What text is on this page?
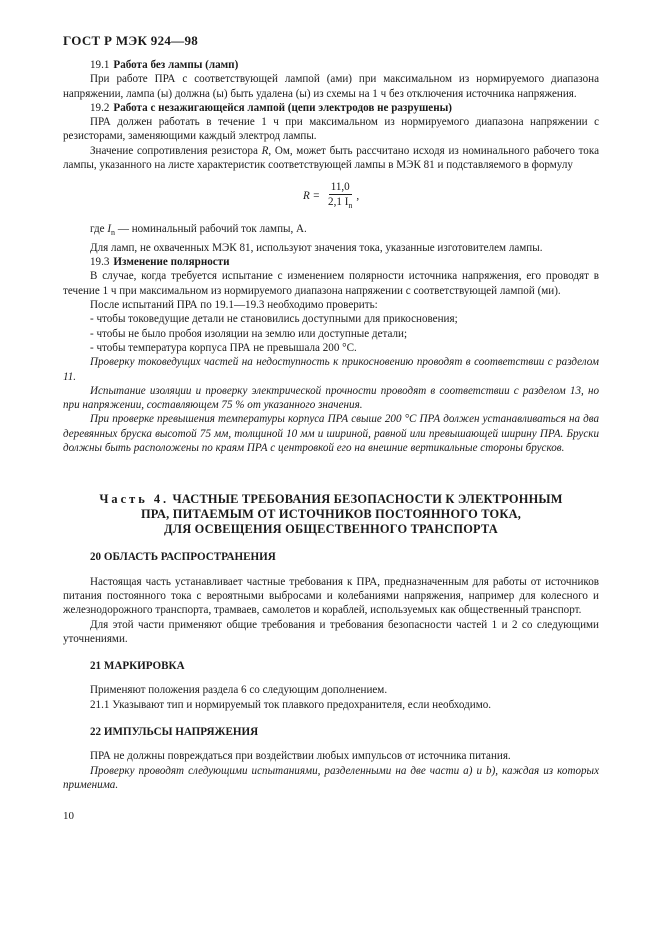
ГОСТ Р МЭК 924—98

19.1 Работа без лампы (ламп)

При работе ПРА с соответствующей лампой (ами) при максимальном из нормируемого диапазона напряжении, лампа (ы) должна (ы) быть удалена (ы) из схемы на 1 ч без отключения источника напряжения.

19.2 Работа с незажигающейся лампой (цепи электродов не разрушены)

ПРА должен работать в течение 1 ч при максимальном из нормируемого диапазона напряжении с резисторами, заменяющими каждый электрод лампы.

Значение сопротивления резистора R, Ом, может быть рассчитано исходя из номинального рабочего тока лампы, указанного на листе характеристик соответствующей лампы в МЭК 81 и подставляемого в формулу

$R = \frac{11,0}{2,1 I_n}$ ,

где $I_n$ — номинальный рабочий ток лампы, А.

Для ламп, не охваченных МЭК 81, используют значения тока, указанные изготовителем лампы.

19.3 Изменение полярности

В случае, когда требуется испытание с изменением полярности источника напряжения, его проводят в течение 1 ч при максимальном из нормируемого диапазона напряжении с соответствующей лампой (ми).

После испытаний ПРА по 19.1—19.3 необходимо проверить:

- чтобы токоведущие детали не становились доступными для прикосновения;

- чтобы не было пробоя изоляции на землю или доступные детали;

- чтобы температура корпуса ПРА не превышала 200 °С.

Проверку токоведущих частей на недоступность к прикосновению проводят в соответствии с разделом 11.

Испытание изоляции и проверку электрической прочности проводят в соответствии с разделом 13, но при напряжении, составляющем 75 % от указанного значения.

При проверке превышения температуры корпуса ПРА свыше 200 °С ПРА должен устанавливаться на два деревянных бруска высотой 75 мм, толщиной 10 мм и шириной, равной или превышающей ширину ПРА. Бруски должны быть расположены по краям ПРА с центровкой его на внешние вертикальные стороны брусков.

Часть 4. ЧАСТНЫЕ ТРЕБОВАНИЯ БЕЗОПАСНОСТИ К ЭЛЕКТРОННЫМ
ПРА, ПИТАЕМЫМ ОТ ИСТОЧНИКОВ ПОСТОЯННОГО ТОКА,
ДЛЯ ОСВЕЩЕНИЯ ОБЩЕСТВЕННОГО ТРАНСПОРТА

20 ОБЛАСТЬ РАСПРОСТРАНЕНИЯ

Настоящая часть устанавливает частные требования к ПРА, предназначенным для работы от источников питания постоянного тока с вероятными выбросами и колебаниями напряжения, например для колесного и железнодорожного транспорта, трамваев, самолетов и кораблей, используемых как общественный транспорт.

Для этой части применяют общие требования и требования безопасности частей 1 и 2 со следующими уточнениями.

21 МАРКИРОВКА

Применяют положения раздела 6 со следующим дополнением.

21.1 Указывают тип и нормируемый ток плавкого предохранителя, если необходимо.

22 ИМПУЛЬСЫ НАПРЯЖЕНИЯ

ПРА не должны повреждаться при воздействии любых импульсов от источника питания.

Проверку проводят следующими испытаниями, разделенными на две части а) и b), каждая из которых применима.

10
